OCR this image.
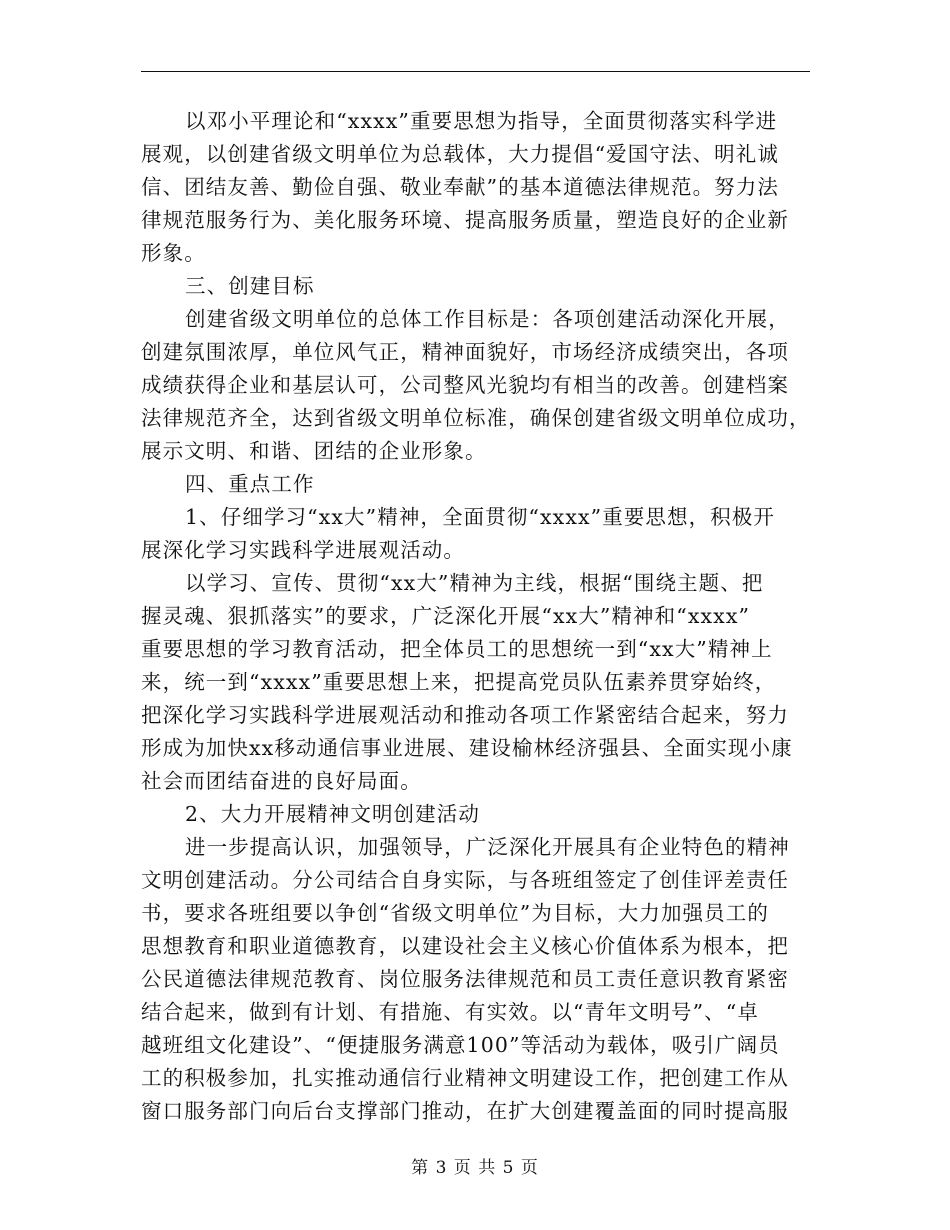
以邓小平理论和“xxxx”重要思想为指导，全面贯彻落实科学进
展观，以创建省级文明单位为总载体，大力提倡“爱国守法、明礼诚
信、团结友善、勤俭自强、敬业奉献”的基本道德法律规范。努力法
律规范服务行为、美化服务环境、提高服务质量，塑造良好的企业新
形象。
三、创建目标
创建省级文明单位的总体工作目标是：各项创建活动深化开展，
创建氛围浓厚，单位风气正，精神面貌好，市场经济成绩突出，各项
成绩获得企业和基层认可，公司整风光貌均有相当的改善。创建档案
法律规范齐全，达到省级文明单位标准，确保创建省级文明单位成功，
展示文明、和谐、团结的企业形象。
四、重点工作
1、仔细学习“xx大”精神，全面贯彻“xxxx”重要思想，积极开
展深化学习实践科学进展观活动。
以学习、宣传、贯彻“xx大”精神为主线，根据“围绕主题、把
握灵魂、狠抓落实”的要求，广泛深化开展“xx大”精神和“xxxx”
重要思想的学习教育活动，把全体员工的思想统一到“xx大”精神上
来，统一到“xxxx”重要思想上来，把提高党员队伍素养贯穿始终，
把深化学习实践科学进展观活动和推动各项工作紧密结合起来，努力
形成为加快xx移动通信事业进展、建设榆林经济强县、全面实现小康
社会而团结奋进的良好局面。
2、大力开展精神文明创建活动
进一步提高认识，加强领导，广泛深化开展具有企业特色的精神
文明创建活动。分公司结合自身实际，与各班组签定了创佳评差责任
书，要求各班组要以争创“省级文明单位”为目标，大力加强员工的
思想教育和职业道德教育，以建设社会主义核心价值体系为根本，把
公民道德法律规范教育、岗位服务法律规范和员工责任意识教育紧密
结合起来，做到有计划、有措施、有实效。以“青年文明号”、“卓
越班组文化建设”、“便捷服务满意100”等活动为载体，吸引广阔员
工的积极参加，扎实推动通信行业精神文明建设工作，把创建工作从
窗口服务部门向后台支撑部门推动，在扩大创建覆盖面的同时提高服
第 3 页 共 5 页
